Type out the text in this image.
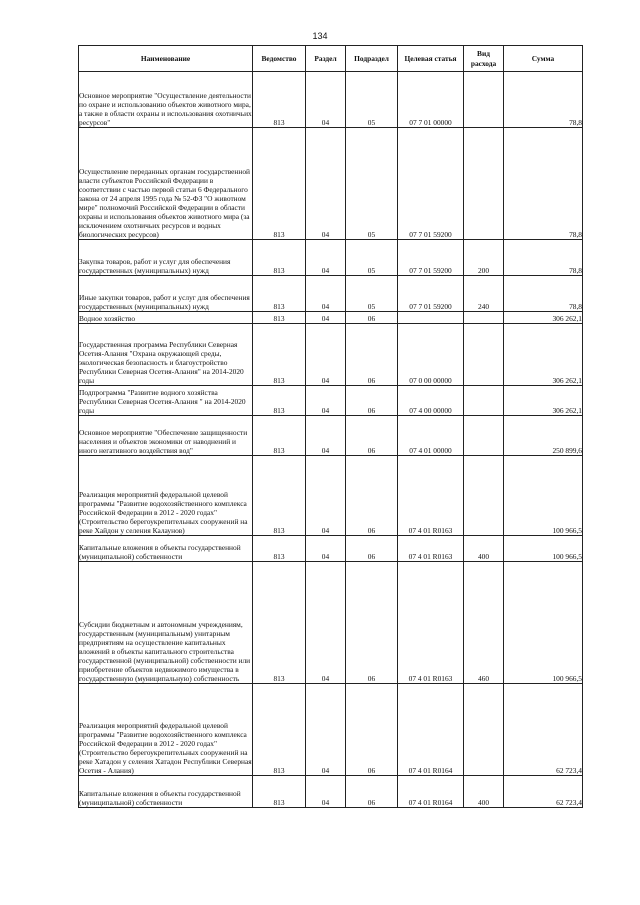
134
Наименование	Ведомство	Раздел	Подраздел	Целевая статья	Вид расхода	Сумма

Основное мероприятие "Осуществление деятельности по охране и использованию объектов животного мира, а также в области охраны и использования охотничьих ресурсов"	813	04	05	07 7 01 00000		78,8

Осуществление переданных органам государственной власти субъектов Российской Федерации в соответствии с частью первой статьи 6 Федерального закона от 24 апреля 1995 года № 52-ФЗ "О животном мире" полномочий Российской Федерации в области охраны и использования объектов животного мира (за исключением охотничьих ресурсов и водных биологических ресурсов)	813	04	05	07 7 01 59200		78,8

Закупка товаров, работ и услуг для обеспечения государственных (муниципальных) нужд	813	04	05	07 7 01 59200	200	78,8

Иные закупки товаров, работ и услуг для обеспечения государственных (муниципальных) нужд	813	04	05	07 7 01 59200	240	78,8

Водное хозяйство	813	04	06			306 262,1

Государственная программа Республики Северная Осетия-Алания "Охрана окружающей среды, экологическая безопасность и благоустройство Республики Северная Осетия-Алания" на 2014-2020 годы	813	04	06	07 0 00 00000		306 262,1

Подпрограмма "Развитие водного хозяйства Республики Северная Осетия-Алания " на 2014-2020 годы	813	04	06	07 4 00 00000		306 262,1

Основное мероприятие "Обеспечение защищенности населения и объектов экономики от наводнений и иного негативного воздействия вод"	813	04	06	07 4 01 00000		250 899,6

Реализация мероприятий федеральной целевой программы "Развитие водохозяйственного комплекса Российской Федерации в 2012 - 2020 годах" (Строительство берегоукрепительных сооружений на реке Хайдон у селения Калаунов)	813	04	06	07 4 01 R0163		100 966,5

Капитальные вложения в объекты государственной (муниципальной) собственности	813	04	06	07 4 01 R0163	400	100 966,5

Субсидии бюджетным и автономным учреждениям, государственным (муниципальным) унитарным предприятиям на осуществление капитальных вложений в объекты капитального строительства государственной (муниципальной) собственности или приобретение объектов недвижимого имущества в государственную (муниципальную) собственность	813	04	06	07 4 01 R0163	460	100 966,5

Реализация мероприятий федеральной целевой программы "Развитие водохозяйственного комплекса Российской Федерации в 2012 - 2020 годах" (Строительство берегоукрепительных сооружений на реке Хатадон у селения Хатадон Республики Северная Осетия - Алания)	813	04	06	07 4 01 R0164		62 723,4

Капитальные вложения в объекты государственной (муниципальной) собственности	813	04	06	07 4 01 R0164	400	62 723,4
